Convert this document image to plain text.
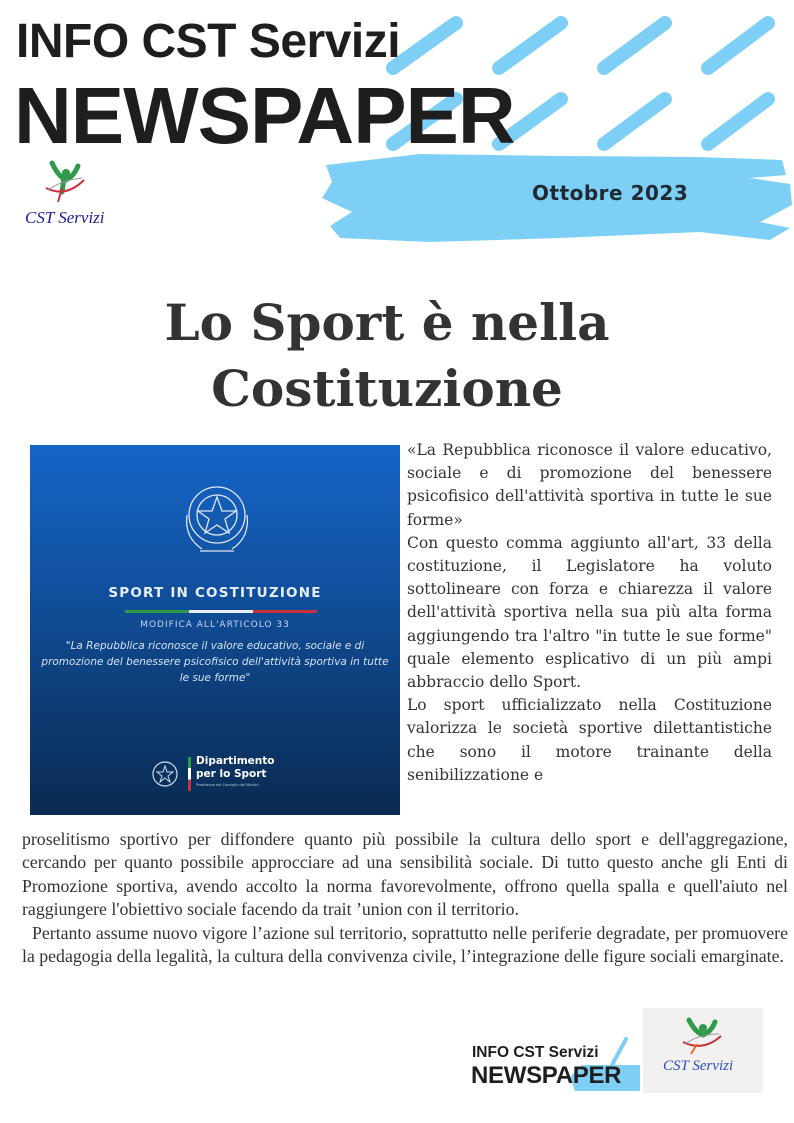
INFO CST Servizi
NEWSPAPER
Ottobre 2023
CST Servizi
Lo Sport è nella
Costituzione
SPORT IN COSTITUZIONE
MODIFICA ALL'ARTICOLO 33
"La Repubblica riconosce il valore educativo, sociale e di promozione del benessere psicofisico dell'attività sportiva in tutte le sue forme"
Dipartimento
per lo Sport
Presidenza del Consiglio dei Ministri

«La Repubblica riconosce il valore educativo, sociale e di promozione del benessere psicofisico dell'attività sportiva in tutte le sue forme»

Con questo comma aggiunto all'art, 33 della costituzione, il Legislatore ha voluto sottolineare con forza e chiarezza il valore dell'attività sportiva nella sua più alta forma aggiungendo tra l'altro "in tutte le sue forme" quale elemento esplicativo di un più ampi abbraccio dello Sport.

Lo sport ufficializzato nella Costituzione valorizza le società sportive dilettantistiche che sono il motore trainante della senibilizzatione e

proselitismo sportivo per diffondere quanto più possibile la cultura dello sport e dell'aggregazione, cercando per quanto possibile approcciare ad una sensibilità sociale. Di tutto questo anche gli Enti di Promozione sportiva, avendo accolto la norma favorevolmente, offrono quella spalla e quell'aiuto nel raggiungere l'obiettivo sociale facendo da trait ’union con il territorio.

Pertanto assume nuovo vigore l’azione sul territorio, soprattutto nelle periferie degradate, per promuovere la pedagogia della legalità, la cultura della convivenza civile, l’integrazione delle figure sociali emarginate.

INFO CST Servizi
NEWSPAPER	CST Servizi
